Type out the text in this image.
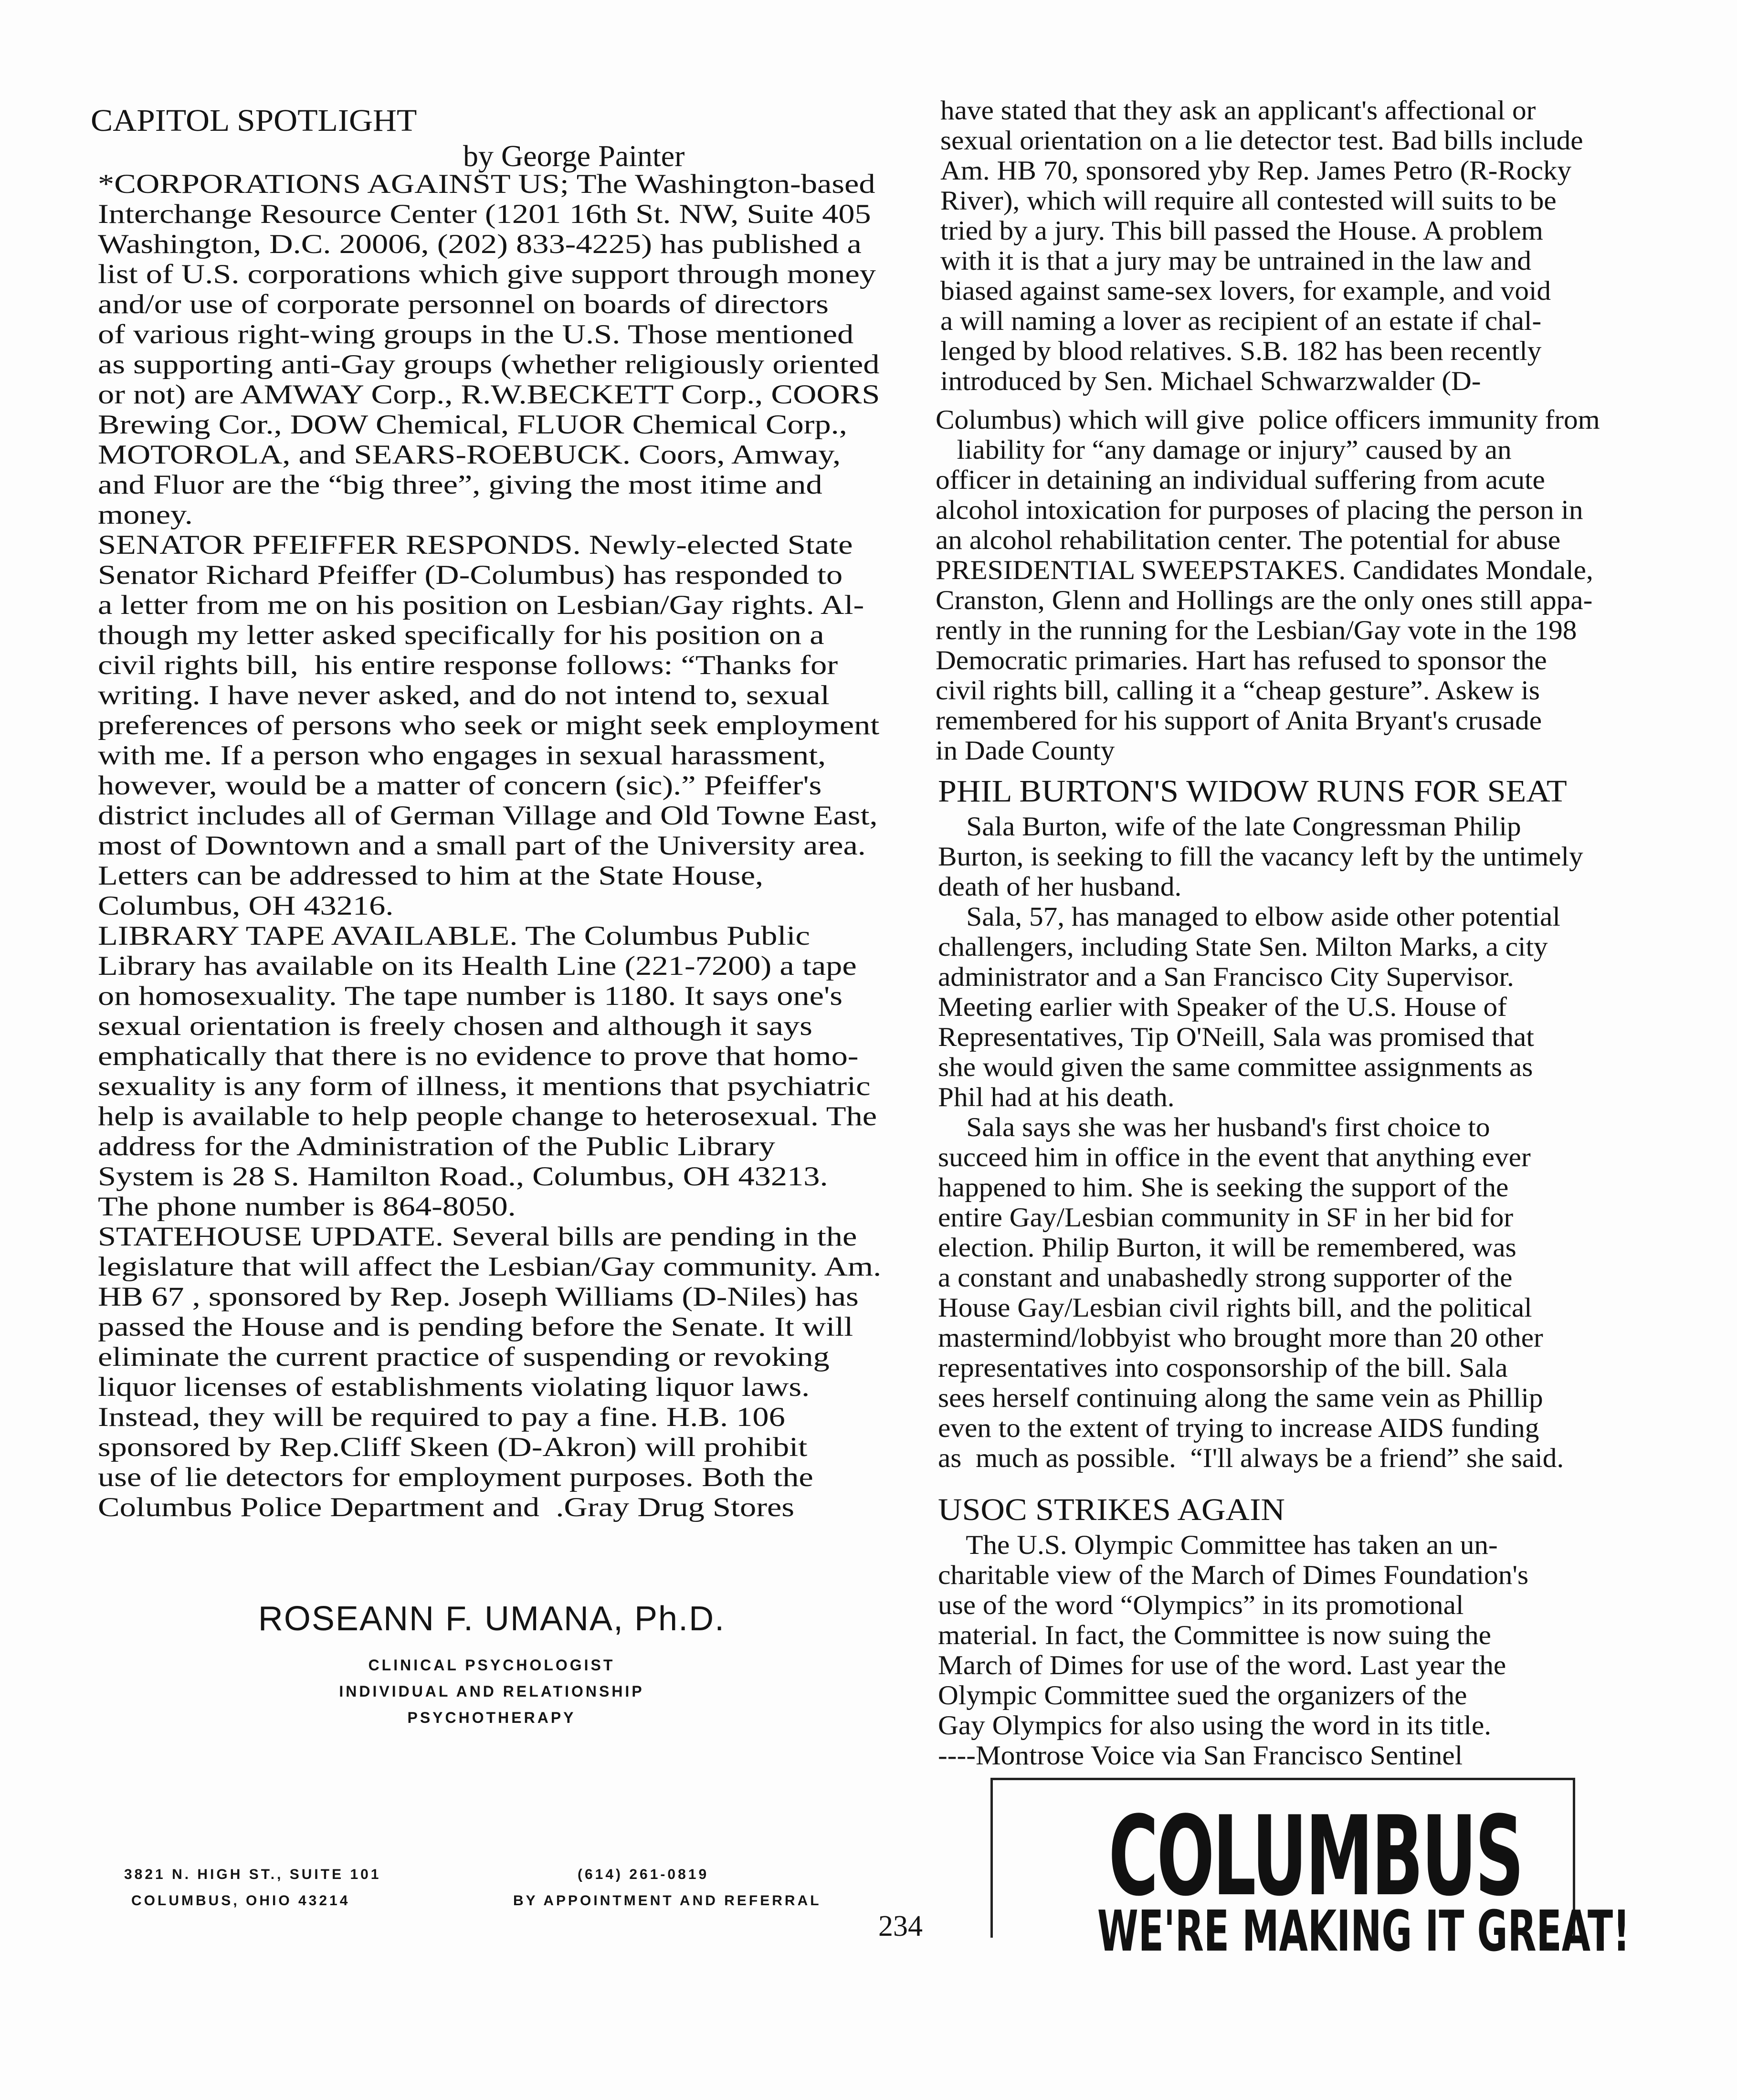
CAPITOL SPOTLIGHT
by George Painter
*CORPORATIONS AGAINST US; The Washington-based
Interchange Resource Center (1201 16th St. NW, Suite 405
Washington, D.C. 20006, (202) 833-4225) has published a
list of U.S. corporations which give support through money
and/or use of corporate personnel on boards of directors
of various right-wing groups in the U.S. Those mentioned
as supporting anti-Gay groups (whether religiously oriented
or not) are AMWAY Corp., R.W.BECKETT Corp., COORS
Brewing Cor., DOW Chemical, FLUOR Chemical Corp.,
MOTOROLA, and SEARS-ROEBUCK. Coors, Amway,
and Fluor are the “big three”, giving the most itime and
money.
SENATOR PFEIFFER RESPONDS. Newly-elected State
Senator Richard Pfeiffer (D-Columbus) has responded to
a letter from me on his position on Lesbian/Gay rights. Al-
though my letter asked specifically for his position on a
civil rights bill,  his entire response follows: “Thanks for
writing. I have never asked, and do not intend to, sexual
preferences of persons who seek or might seek employment
with me. If a person who engages in sexual harassment,
however, would be a matter of concern (sic).” Pfeiffer's
district includes all of German Village and Old Towne East,
most of Downtown and a small part of the University area.
Letters can be addressed to him at the State House,
Columbus, OH 43216.
LIBRARY TAPE AVAILABLE. The Columbus Public
Library has available on its Health Line (221-7200) a tape
on homosexuality. The tape number is 1180. It says one's
sexual orientation is freely chosen and although it says
emphatically that there is no evidence to prove that homo-
sexuality is any form of illness, it mentions that psychiatric
help is available to help people change to heterosexual. The
address for the Administration of the Public Library
System is 28 S. Hamilton Road., Columbus, OH 43213.
The phone number is 864-8050.
STATEHOUSE UPDATE. Several bills are pending in the
legislature that will affect the Lesbian/Gay community. Am.
HB 67 , sponsored by Rep. Joseph Williams (D-Niles) has
passed the House and is pending before the Senate. It will
eliminate the current practice of suspending or revoking
liquor licenses of establishments violating liquor laws.
Instead, they will be required to pay a fine. H.B. 106
sponsored by Rep.Cliff Skeen (D-Akron) will prohibit
use of lie detectors for employment purposes. Both the
Columbus Police Department and  .Gray Drug Stores
have stated that they ask an applicant's affectional or
sexual orientation on a lie detector test. Bad bills include
Am. HB 70, sponsored yby Rep. James Petro (R-Rocky
River), which will require all contested will suits to be
tried by a jury. This bill passed the House. A problem
with it is that a jury may be untrained in the law and
biased against same-sex lovers, for example, and void
a will naming a lover as recipient of an estate if chal-
lenged by blood relatives. S.B. 182 has been recently
introduced by Sen. Michael Schwarzwalder (D-
Columbus) which will give  police officers immunity from
liability for “any damage or injury” caused by an
officer in detaining an individual suffering from acute
alcohol intoxication for purposes of placing the person in
an alcohol rehabilitation center. The potential for abuse
PRESIDENTIAL SWEEPSTAKES. Candidates Mondale,
Cranston, Glenn and Hollings are the only ones still appa-
rently in the running for the Lesbian/Gay vote in the 198
Democratic primaries. Hart has refused to sponsor the
civil rights bill, calling it a “cheap gesture”. Askew is
remembered for his support of Anita Bryant's crusade
in Dade County
PHIL BURTON'S WIDOW RUNS FOR SEAT
Sala Burton, wife of the late Congressman Philip
Burton, is seeking to fill the vacancy left by the untimely
death of her husband.
Sala, 57, has managed to elbow aside other potential
challengers, including State Sen. Milton Marks, a city
administrator and a San Francisco City Supervisor.
Meeting earlier with Speaker of the U.S. House of
Representatives, Tip O'Neill, Sala was promised that
she would given the same committee assignments as
Phil had at his death.
Sala says she was her husband's first choice to
succeed him in office in the event that anything ever
happened to him. She is seeking the support of the
entire Gay/Lesbian community in SF in her bid for
election. Philip Burton, it will be remembered, was
a constant and unabashedly strong supporter of the
House Gay/Lesbian civil rights bill, and the political
mastermind/lobbyist who brought more than 20 other
representatives into cosponsorship of the bill. Sala
sees herself continuing along the same vein as Phillip
even to the extent of trying to increase AIDS funding
as  much as possible.  “I'll always be a friend” she said.
USOC STRIKES AGAIN
The U.S. Olympic Committee has taken an un-
charitable view of the March of Dimes Foundation's
use of the word “Olympics” in its promotional
material. In fact, the Committee is now suing the
March of Dimes for use of the word. Last year the
Olympic Committee sued the organizers of the
Gay Olympics for also using the word in its title.
----Montrose Voice via San Francisco Sentinel
ROSEANN F. UMANA, Ph.D.
CLINICAL PSYCHOLOGIST
INDIVIDUAL AND RELATIONSHIP
PSYCHOTHERAPY
3821 N. HIGH ST., SUITE 101
COLUMBUS, OHIO 43214
(614) 261-0819
BY APPOINTMENT AND REFERRAL
234
COLUMBUS
WE'RE MAKING IT GREAT!
